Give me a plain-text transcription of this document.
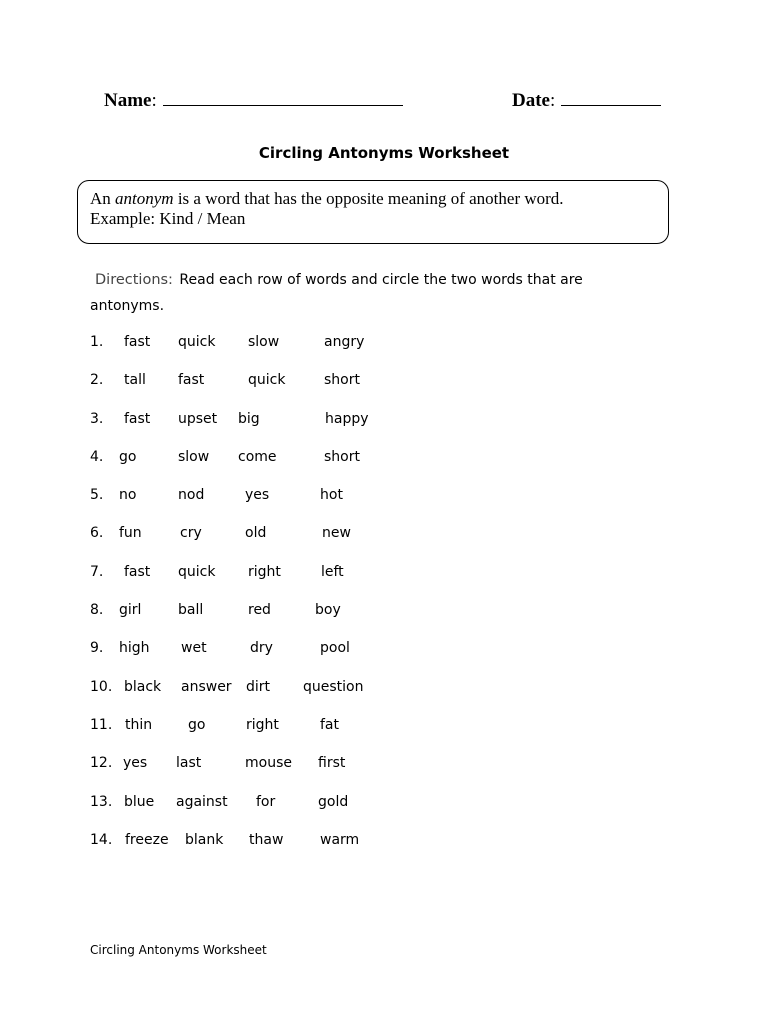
Name:	Date:
Circling Antonyms Worksheet
An antonym is a word that has the opposite meaning of another word.
Example: Kind / Mean
Directions: Read each row of words and circle the two words that are antonyms.
1. fast quick slow	angry
2. tall fast	quick	short
3. fast upset big	happy
4. go	slow come	short
5. no	nod	yes	hot
6. fun	cry	old	new
7. fast quick right	left
8. girl	ball	red	boy
9. high wet	dry	pool
10. black answer dirt question
11. thin	go	right	fat
12. yes last	mouse first
13. blue against for	gold
14. freeze blank thaw	warm
Circling Antonyms Worksheet
